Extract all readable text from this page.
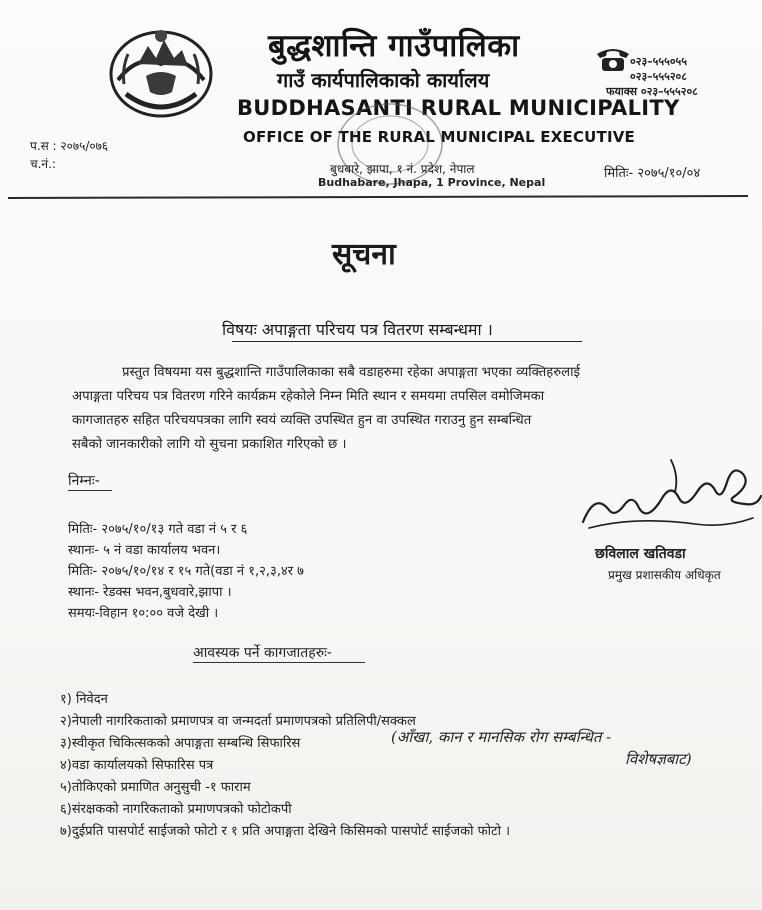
बुद्धशान्ति गाउँपालिका
गाउँ कार्यपालिकाको कार्यालय
०२३–५५५०५५
०२३–५५५२०८
फयाक्स ०२३–५५५२०८
BUDDHASANTI RURAL MUNICIPALITY
OFFICE OF THE RURAL MUNICIPAL EXECUTIVE
प.स : २०७५/०७६
च.नं.:	बुधबारे, झापा, १ नं. प्रदेश, नेपाल
Budhabare, Jhapa, 1 Province, Nepal
मितिः- २०७५/१०/०४
सूचना
विषयः अपाङ्गता परिचय पत्र वितरण सम्बन्धमा ।
प्रस्तुत विषयमा यस बुद्धशान्ति गाउँपालिकाका सबै वडाहरुमा रहेका अपाङ्गता भएका व्यक्तिहरुलाई
अपाङ्गता परिचय पत्र वितरण गरिने कार्यक्रम रहेकोले निम्न मिति स्थान र समयमा तपसिल वमोजिमका
कागजातहरु सहित परिचयपत्रका लागि स्वयं व्यक्ति उपस्थित हुन वा उपस्थित गराउनु हुन सम्बन्धित
सबैको जानकारीको लागि यो सुचना प्रकाशित गरिएको छ ।
निम्नः-
मितिः- २०७५/१०/१३ गते वडा नं ५ र ६
स्थानः- ५ नं वडा कार्यालय भवन।
मितिः- २०७५/१०/१४ र १५ गते(वडा नं १,२,३,४र ७
स्थानः- रेडक्स भवन,बुधवारे,झापा ।
समयः-विहान १०:०० वजे देखी ।
छविलाल खतिवडा
प्रमुख प्रशासकीय अधिकृत
आवस्यक पर्ने कागजातहरुः-
१) निवेदन
२)नेपाली नागरिकताको प्रमाणपत्र वा जन्मदर्ता प्रमाणपत्रको प्रतिलिपी/सक्कल
३)स्वीकृत चिकित्सकको अपाङ्गता सम्बन्धि सिफारिस	(आँखा, कान र मानसिक रोग सम्बन्धित -
विशेषज्ञबाट)
४)वडा कार्यालयको सिफारिस पत्र
५)तोकिएको प्रमाणित अनुसुची -१ फाराम
६)संरक्षकको नागरिकताको प्रमाणपत्रको फोटोकपी
७)दुईप्रति पासपोर्ट साईजको फोटो र १ प्रति अपाङ्गता देखिने किसिमको पासपोर्ट साईजको फोटो ।
